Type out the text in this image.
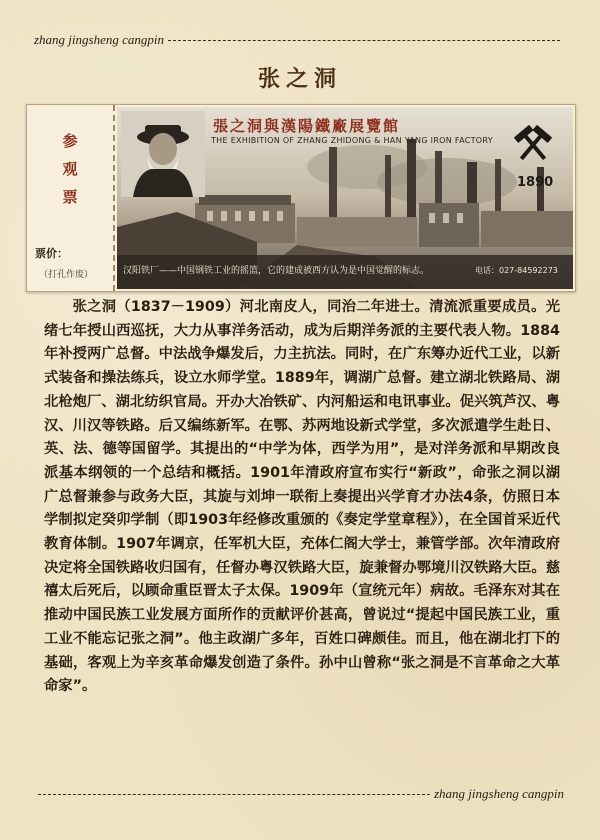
zhang jingsheng cangpin
张之洞
参
观
票
票价：
（打孔作废）
張之洞與漢陽鐵廠展覽館
THE EXHIBITION OF ZHANG ZHIDONG & HAN YANG IRON FACTORY
1890
汉阳铁厂——中国钢铁工业的摇篮，它的建成被西方认为是中国觉醒的标志。	电话：027-84592273

张之洞（1837－1909）河北南皮人，同治二年进士。清流派重要成员。光绪七年授山西巡抚，大力从事洋务活动，成为后期洋务派的主要代表人物。1884年补授两广总督。中法战争爆发后，力主抗法。同时，在广东筹办近代工业，以新式装备和操法练兵，设立水师学堂。1889年，调湖广总督。建立湖北铁路局、湖北枪炮厂、湖北纺织官局。开办大冶铁矿、内河船运和电讯事业。促兴筑芦汉、粤汉、川汉等铁路。后又编练新军。在鄂、苏两地设新式学堂，多次派遣学生赴日、英、法、德等国留学。其提出的“中学为体，西学为用”，是对洋务派和早期改良派基本纲领的一个总结和概括。1901年清政府宣布实行“新政”，命张之洞以湖广总督兼参与政务大臣，其旋与刘坤一联衔上奏提出兴学育才办法4条，仿照日本学制拟定癸卯学制（即1903年经修改重颁的《奏定学堂章程》），在全国首采近代教育体制。1907年调京，任军机大臣，充体仁阁大学士，兼管学部。次年清政府决定将全国铁路收归国有，任督办粤汉铁路大臣，旋兼督办鄂境川汉铁路大臣。慈禧太后死后，以顾命重臣晋太子太保。1909年（宣统元年）病故。毛泽东对其在推动中国民族工业发展方面所作的贡献评价甚高，曾说过“提起中国民族工业，重工业不能忘记张之洞”。他主政湖广多年，百姓口碑颇佳。而且，他在湖北打下的基础，客观上为辛亥革命爆发创造了条件。孙中山曾称“张之洞是不言革命之大革命家”。

zhang jingsheng cangpin
